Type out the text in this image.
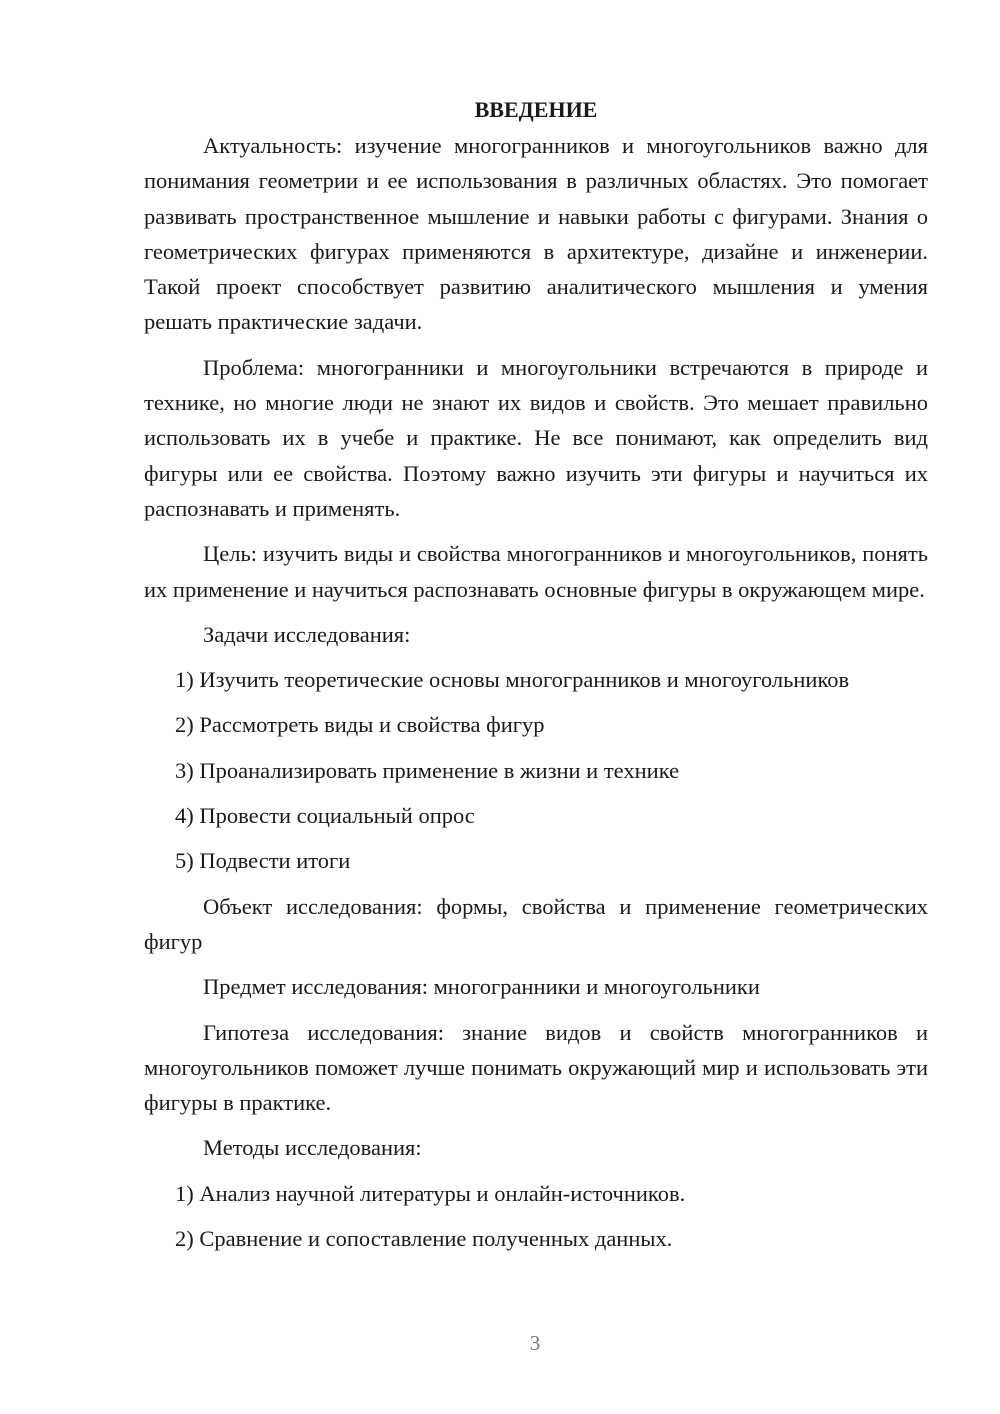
ВВЕДЕНИЕ

Актуальность: изучение многогранников и многоугольников важно для понимания геометрии и ее использования в различных областях. Это помогает развивать пространственное мышление и навыки работы с фигурами. Знания о геометрических фигурах применяются в архитектуре, дизайне и инженерии. Такой проект способствует развитию аналитического мышления и умения решать практические задачи.

Проблема: многогранники и многоугольники встречаются в природе и технике, но многие люди не знают их видов и свойств. Это мешает правильно использовать их в учебе и практике. Не все понимают, как определить вид фигуры или ее свойства. Поэтому важно изучить эти фигуры и научиться их распознавать и применять.

Цель: изучить виды и свойства многогранников и многоугольников, понять их применение и научиться распознавать основные фигуры в окружающем мире.

Задачи исследования:

1) Изучить теоретические основы многогранников и многоугольников

2) Рассмотреть виды и свойства фигур

3) Проанализировать применение в жизни и технике

4) Провести социальный опрос

5) Подвести итоги

Объект исследования: формы, свойства и применение геометрических фигур

Предмет исследования: многогранники и многоугольники

Гипотеза исследования: знание видов и свойств многогранников и многоугольников поможет лучше понимать окружающий мир и использовать эти фигуры в практике.

Методы исследования:

1) Анализ научной литературы и онлайн-источников.

2) Сравнение и сопоставление полученных данных.

3
